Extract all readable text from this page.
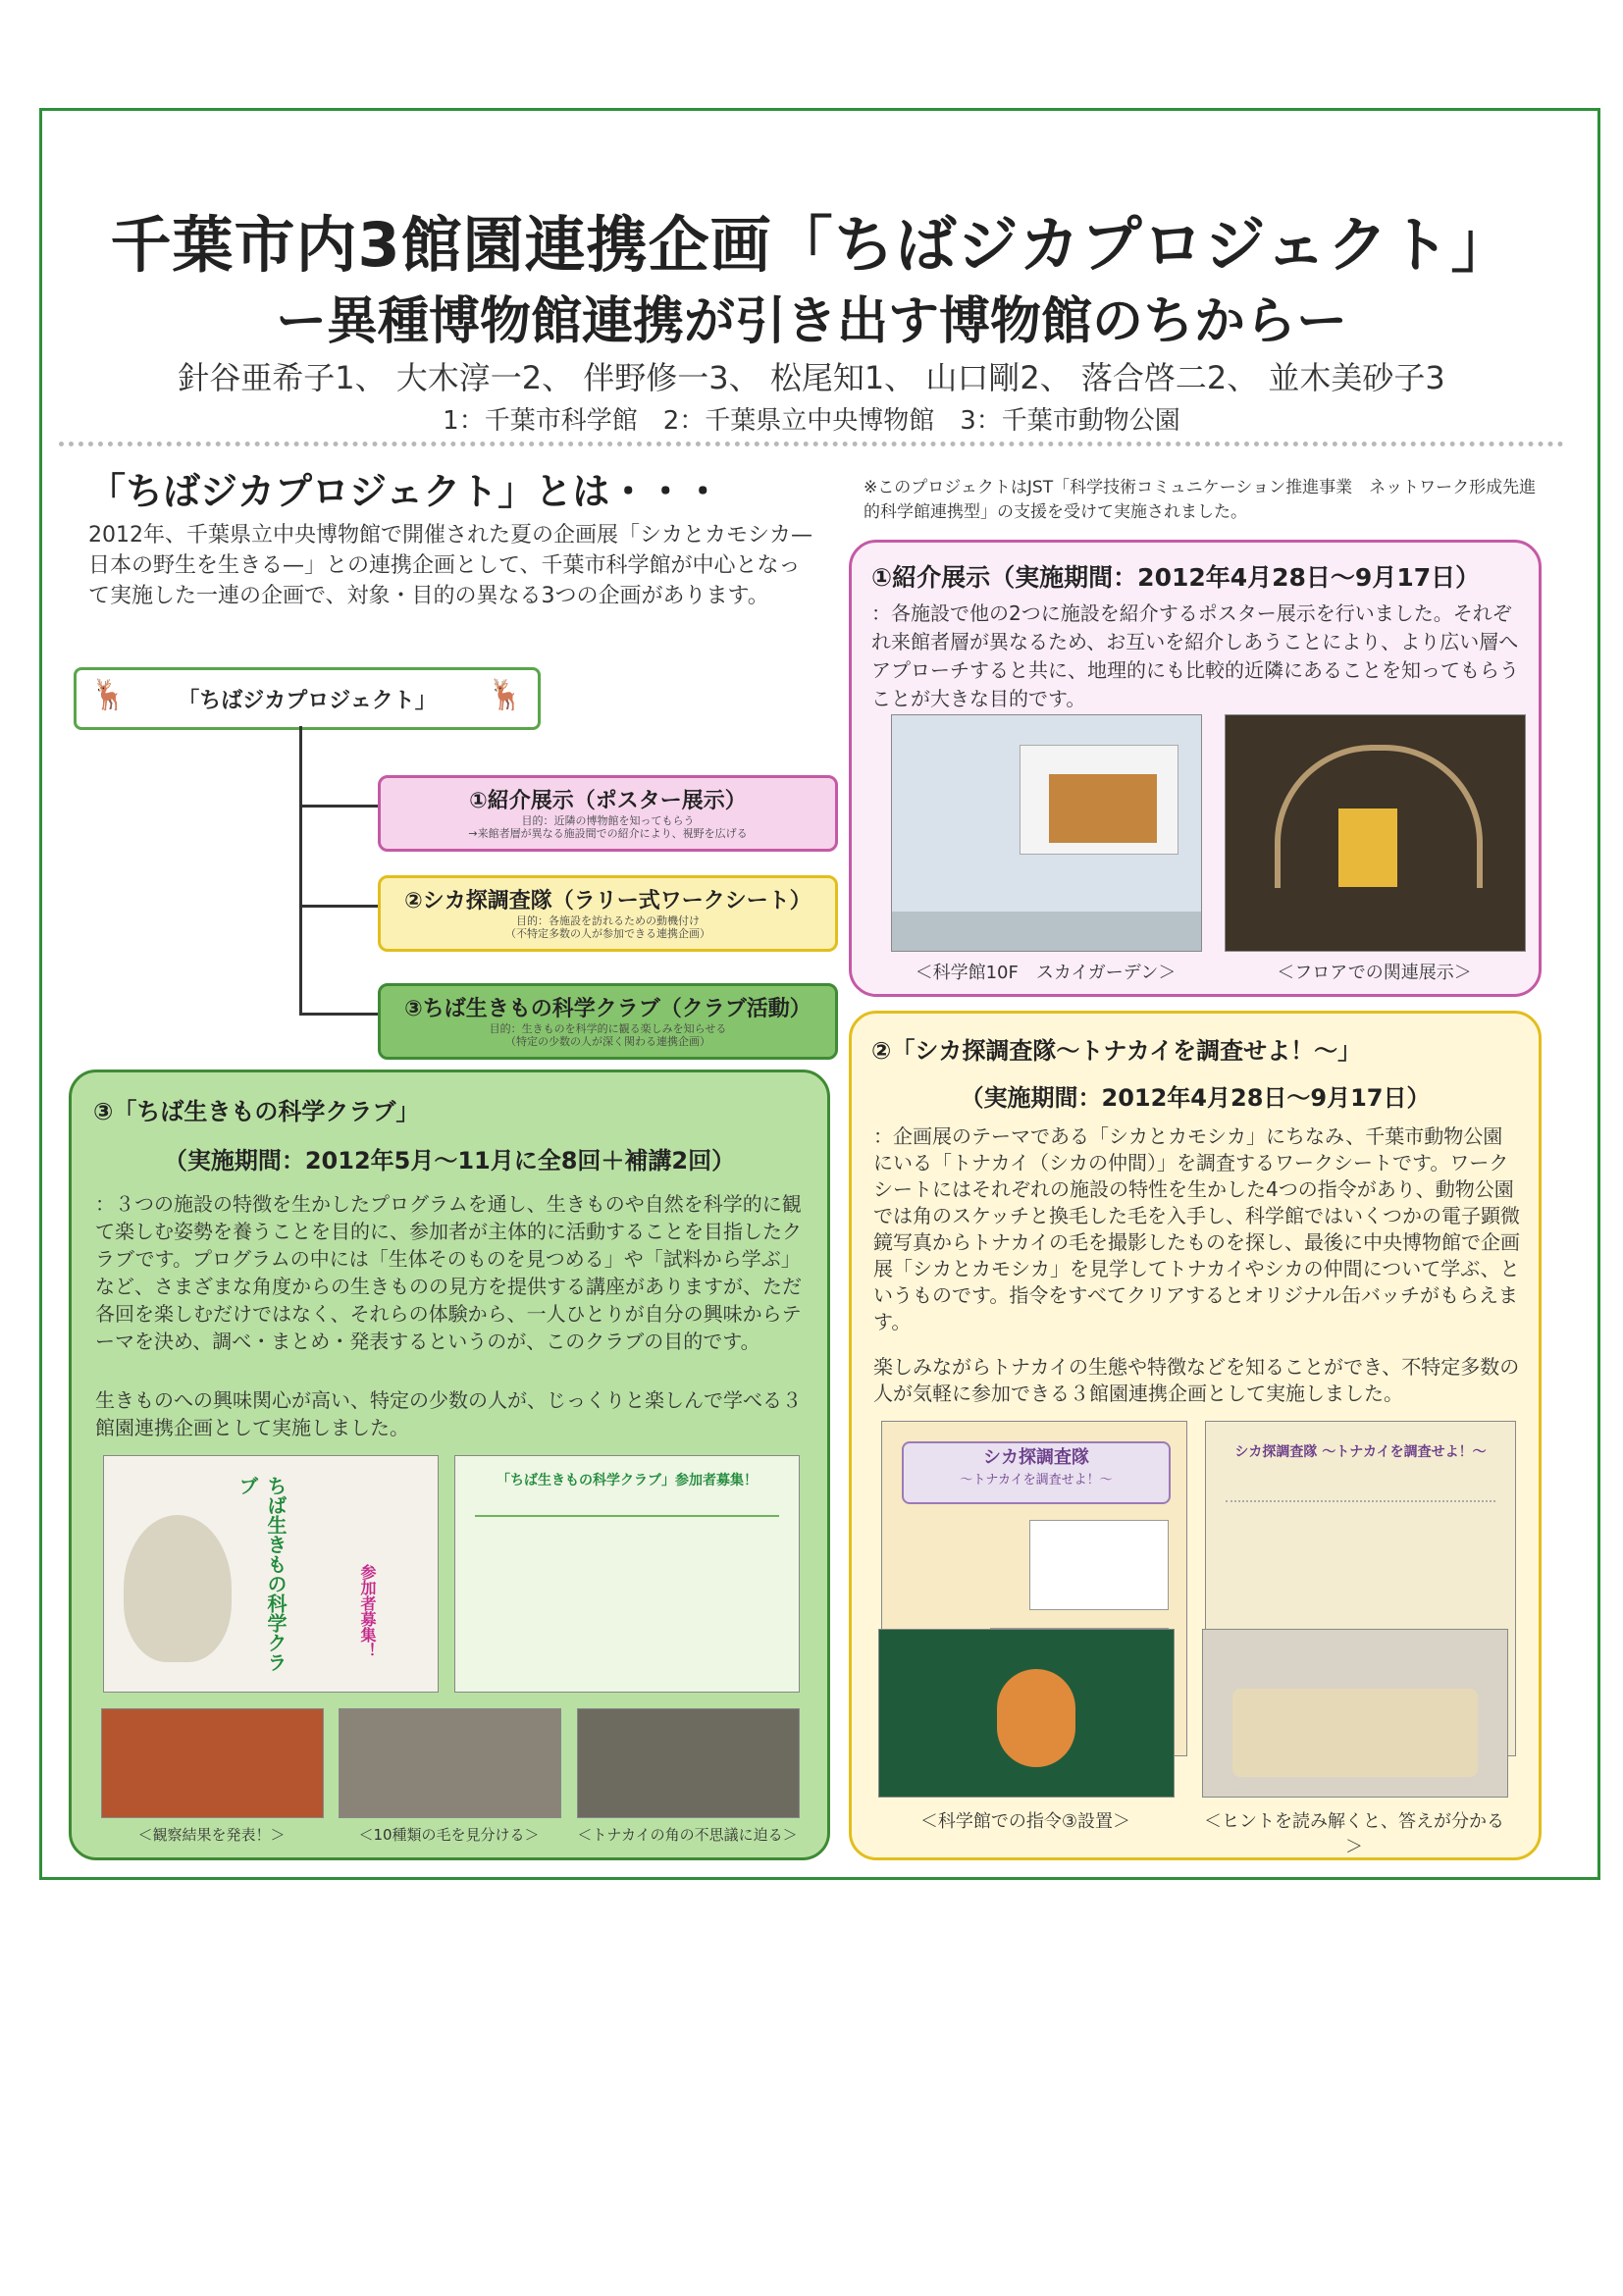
千葉市内3館園連携企画「ちばジカプロジェクト」
ー異種博物館連携が引き出す博物館のちからー
針谷亜希子1、 大木淳一2、 伴野修一3、 松尾知1、 山口剛2、 落合啓二2、 並木美砂子3
1：千葉市科学館　2：千葉県立中央博物館　3：千葉市動物公園
「ちばジカプロジェクト」とは・・・
2012年、千葉県立中央博物館で開催された夏の企画展「シカとカモシカ—日本の野生を生きる—」との連携企画として、千葉市科学館が中心となって実施した一連の企画で、対象・目的の異なる3つの企画があります。
※このプロジェクトはJST「科学技術コミュニケーション推進事業　ネットワーク形成先進的科学館連携型」の支援を受けて実施されました。
🦌 「ちばジカプロジェクト」 🦌
①紹介展示（ポスター展示）
目的：近隣の博物館を知ってもらう
→来館者層が異なる施設間での紹介により、視野を広げる
②シカ探調査隊（ラリー式ワークシート）
目的：各施設を訪れるための動機付け
（不特定多数の人が参加できる連携企画）
③ちば生きもの科学クラブ（クラブ活動）
目的：生きものを科学的に観る楽しみを知らせる
（特定の少数の人が深く関わる連携企画）
①紹介展示（実施期間：2012年4月28日～9月17日）
：各施設で他の2つに施設を紹介するポスター展示を行いました。それぞれ来館者層が異なるため、お互いを紹介しあうことにより、より広い層へアプローチすると共に、地理的にも比較的近隣にあることを知ってもらうことが大きな目的です。
＜科学館10F　スカイガーデン＞	＜フロアでの関連展示＞
②「シカ探調査隊～トナカイを調査せよ！～」
（実施期間：2012年4月28日～9月17日）
：企画展のテーマである「シカとカモシカ」にちなみ、千葉市動物公園にいる「トナカイ（シカの仲間）」を調査するワークシートです。ワークシートにはそれぞれの施設の特性を生かした4つの指令があり、動物公園では角のスケッチと換毛した毛を入手し、科学館ではいくつかの電子顕微鏡写真からトナカイの毛を撮影したものを探し、最後に中央博物館で企画展「シカとカモシカ」を見学してトナカイやシカの仲間について学ぶ、というものです。指令をすべてクリアするとオリジナル缶バッチがもらえます。
楽しみながらトナカイの生態や特徴などを知ることができ、不特定多数の人が気軽に参加できる３館園連携企画として実施しました。
シカ探調査隊
～トナカイを調査せよ！～
シカ探調査隊 ～トナカイを調査せよ！～
③「ちば生きもの科学クラブ」
（実施期間：2012年5月～11月に全8回＋補講2回）
：３つの施設の特徴を生かしたプログラムを通し、生きものや自然を科学的に観て楽しむ姿勢を養うことを目的に、参加者が主体的に活動することを目指したクラブです。プログラムの中には「生体そのものを見つめる」や「試料から学ぶ」など、さまざまな角度からの生きものの見方を提供する講座がありますが、ただ各回を楽しむだけではなく、それらの体験から、一人ひとりが自分の興味からテーマを決め、調べ・まとめ・発表するというのが、このクラブの目的です。
生きものへの興味関心が高い、特定の少数の人が、じっくりと楽しんで学べる３館園連携企画として実施しました。
ちば生きもの科学クラブ
参加者募集！
「ちば生きもの科学クラブ」参加者募集！
＜観察結果を発表！＞	＜10種類の毛を見分ける＞	＜トナカイの角の不思議に迫る＞
＜科学館での指令③設置＞	＜ヒントを読み解くと、答えが分かる＞
